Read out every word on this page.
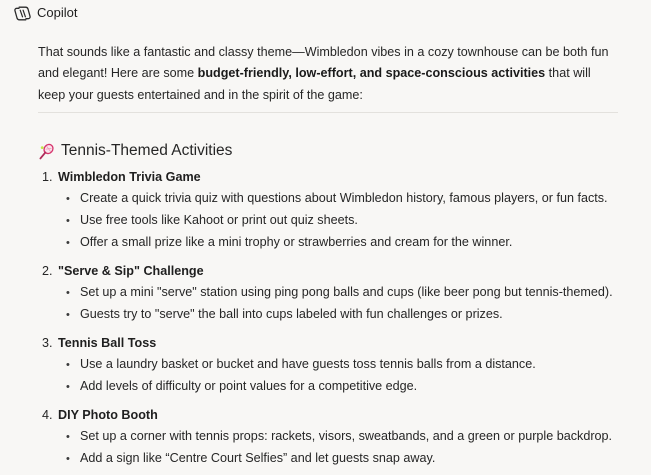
Copilot

That sounds like a fantastic and classy theme—Wimbledon vibes in a cozy townhouse can be both fun and elegant! Here are some budget-friendly, low-effort, and space-conscious activities that will keep your guests entertained and in the spirit of the game:

Tennis-Themed Activities
1. Wimbledon Trivia Game
• Create a quick trivia quiz with questions about Wimbledon history, famous players, or fun facts.
• Use free tools like Kahoot or print out quiz sheets.
• Offer a small prize like a mini trophy or strawberries and cream for the winner.
2. "Serve & Sip" Challenge
• Set up a mini "serve" station using ping pong balls and cups (like beer pong but tennis-themed).
• Guests try to "serve" the ball into cups labeled with fun challenges or prizes.
3. Tennis Ball Toss
• Use a laundry basket or bucket and have guests toss tennis balls from a distance.
• Add levels of difficulty or point values for a competitive edge.
4. DIY Photo Booth
• Set up a corner with tennis props: rackets, visors, sweatbands, and a green or purple backdrop.
• Add a sign like “Centre Court Selfies” and let guests snap away.
